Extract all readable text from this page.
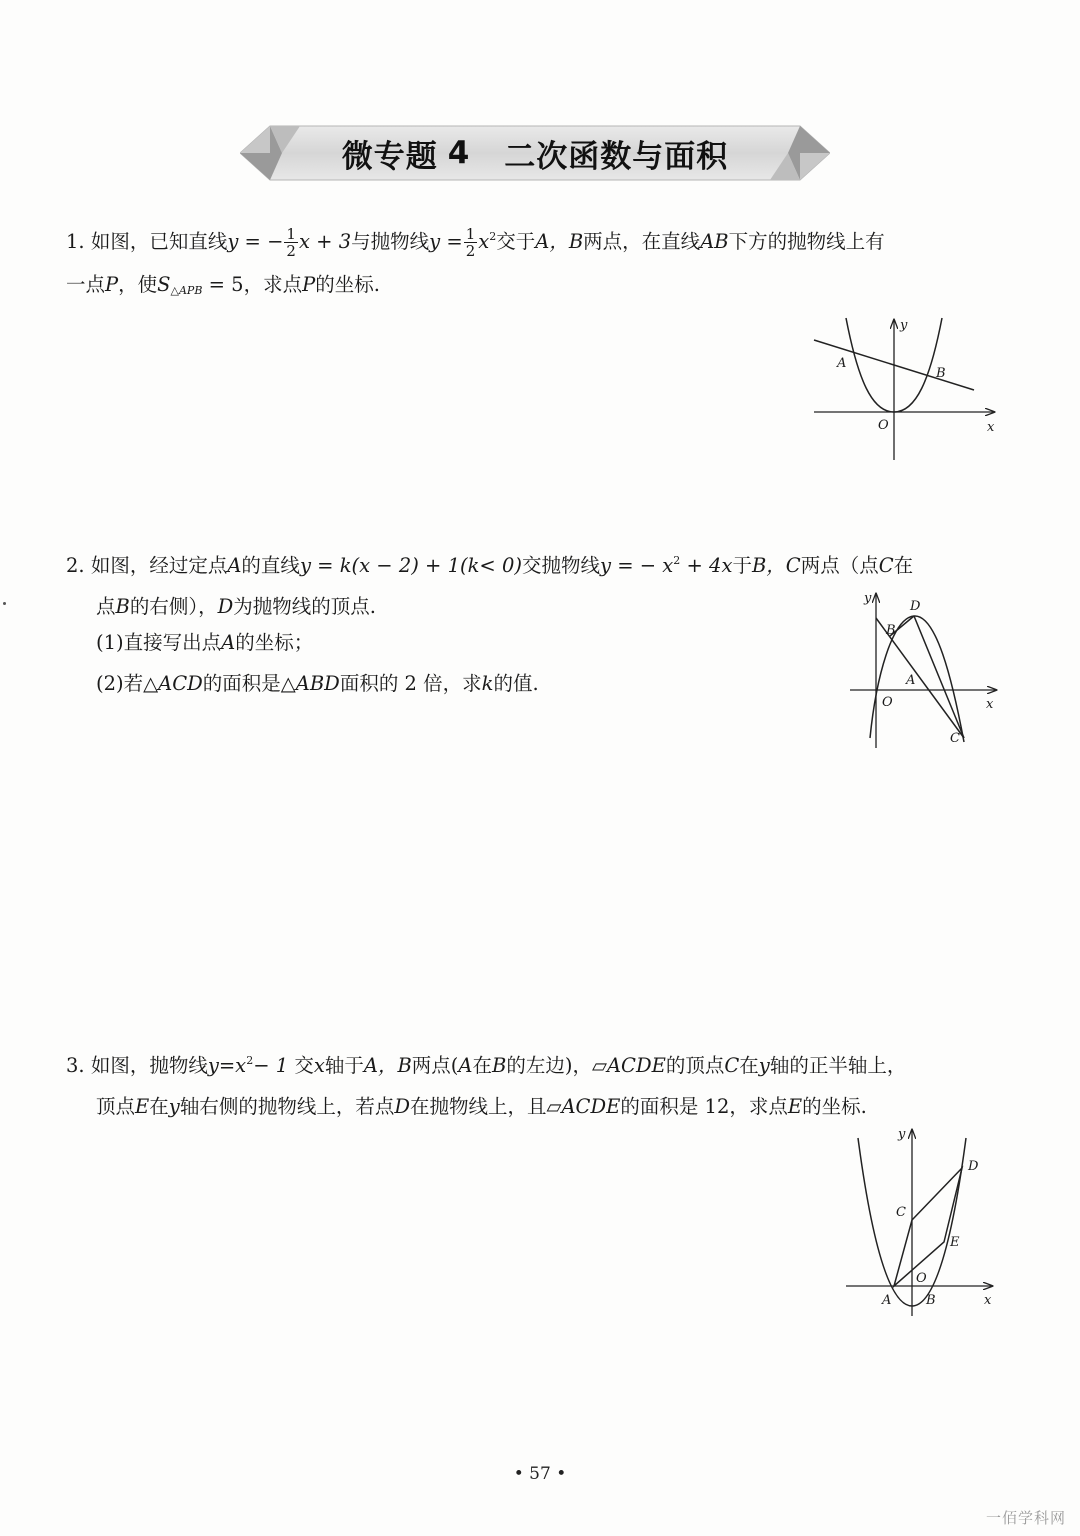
微专题 4 二次函数与面积

1. 如图，已知直线y = − $\frac{1}{2}$ x + 3与抛物线$y = \frac{1}{2} x^2$交于A，B两点，在直线AB下方的抛物线上有

一点P，使$S_{\triangle APB} = 5$，求点P的坐标.

y
x
O
A
B

2. 如图，经过定点A的直线y = k(x − 2) + 1(k< 0)交抛物线y = − $x^2 + 4x$于B，C两点（点C在

点B的右侧），D为抛物线的顶点.

(1)直接写出点A的坐标；

(2)若△ACD的面积是△ABD面积的 2 倍，求k的值.

y
x
O
A
B
C
D

3. 如图，抛物线$y=x^2- 1$ 交x轴于A，B两点(A在B的左边)，▱ACDE的顶点C在y轴的正半轴上，

顶点E在y轴右侧的抛物线上，若点D在抛物线上，且▱ACDE的面积是 12，求点E的坐标.

y
x
O
A	B
C
D
E
• 57 •
一佰学科网
